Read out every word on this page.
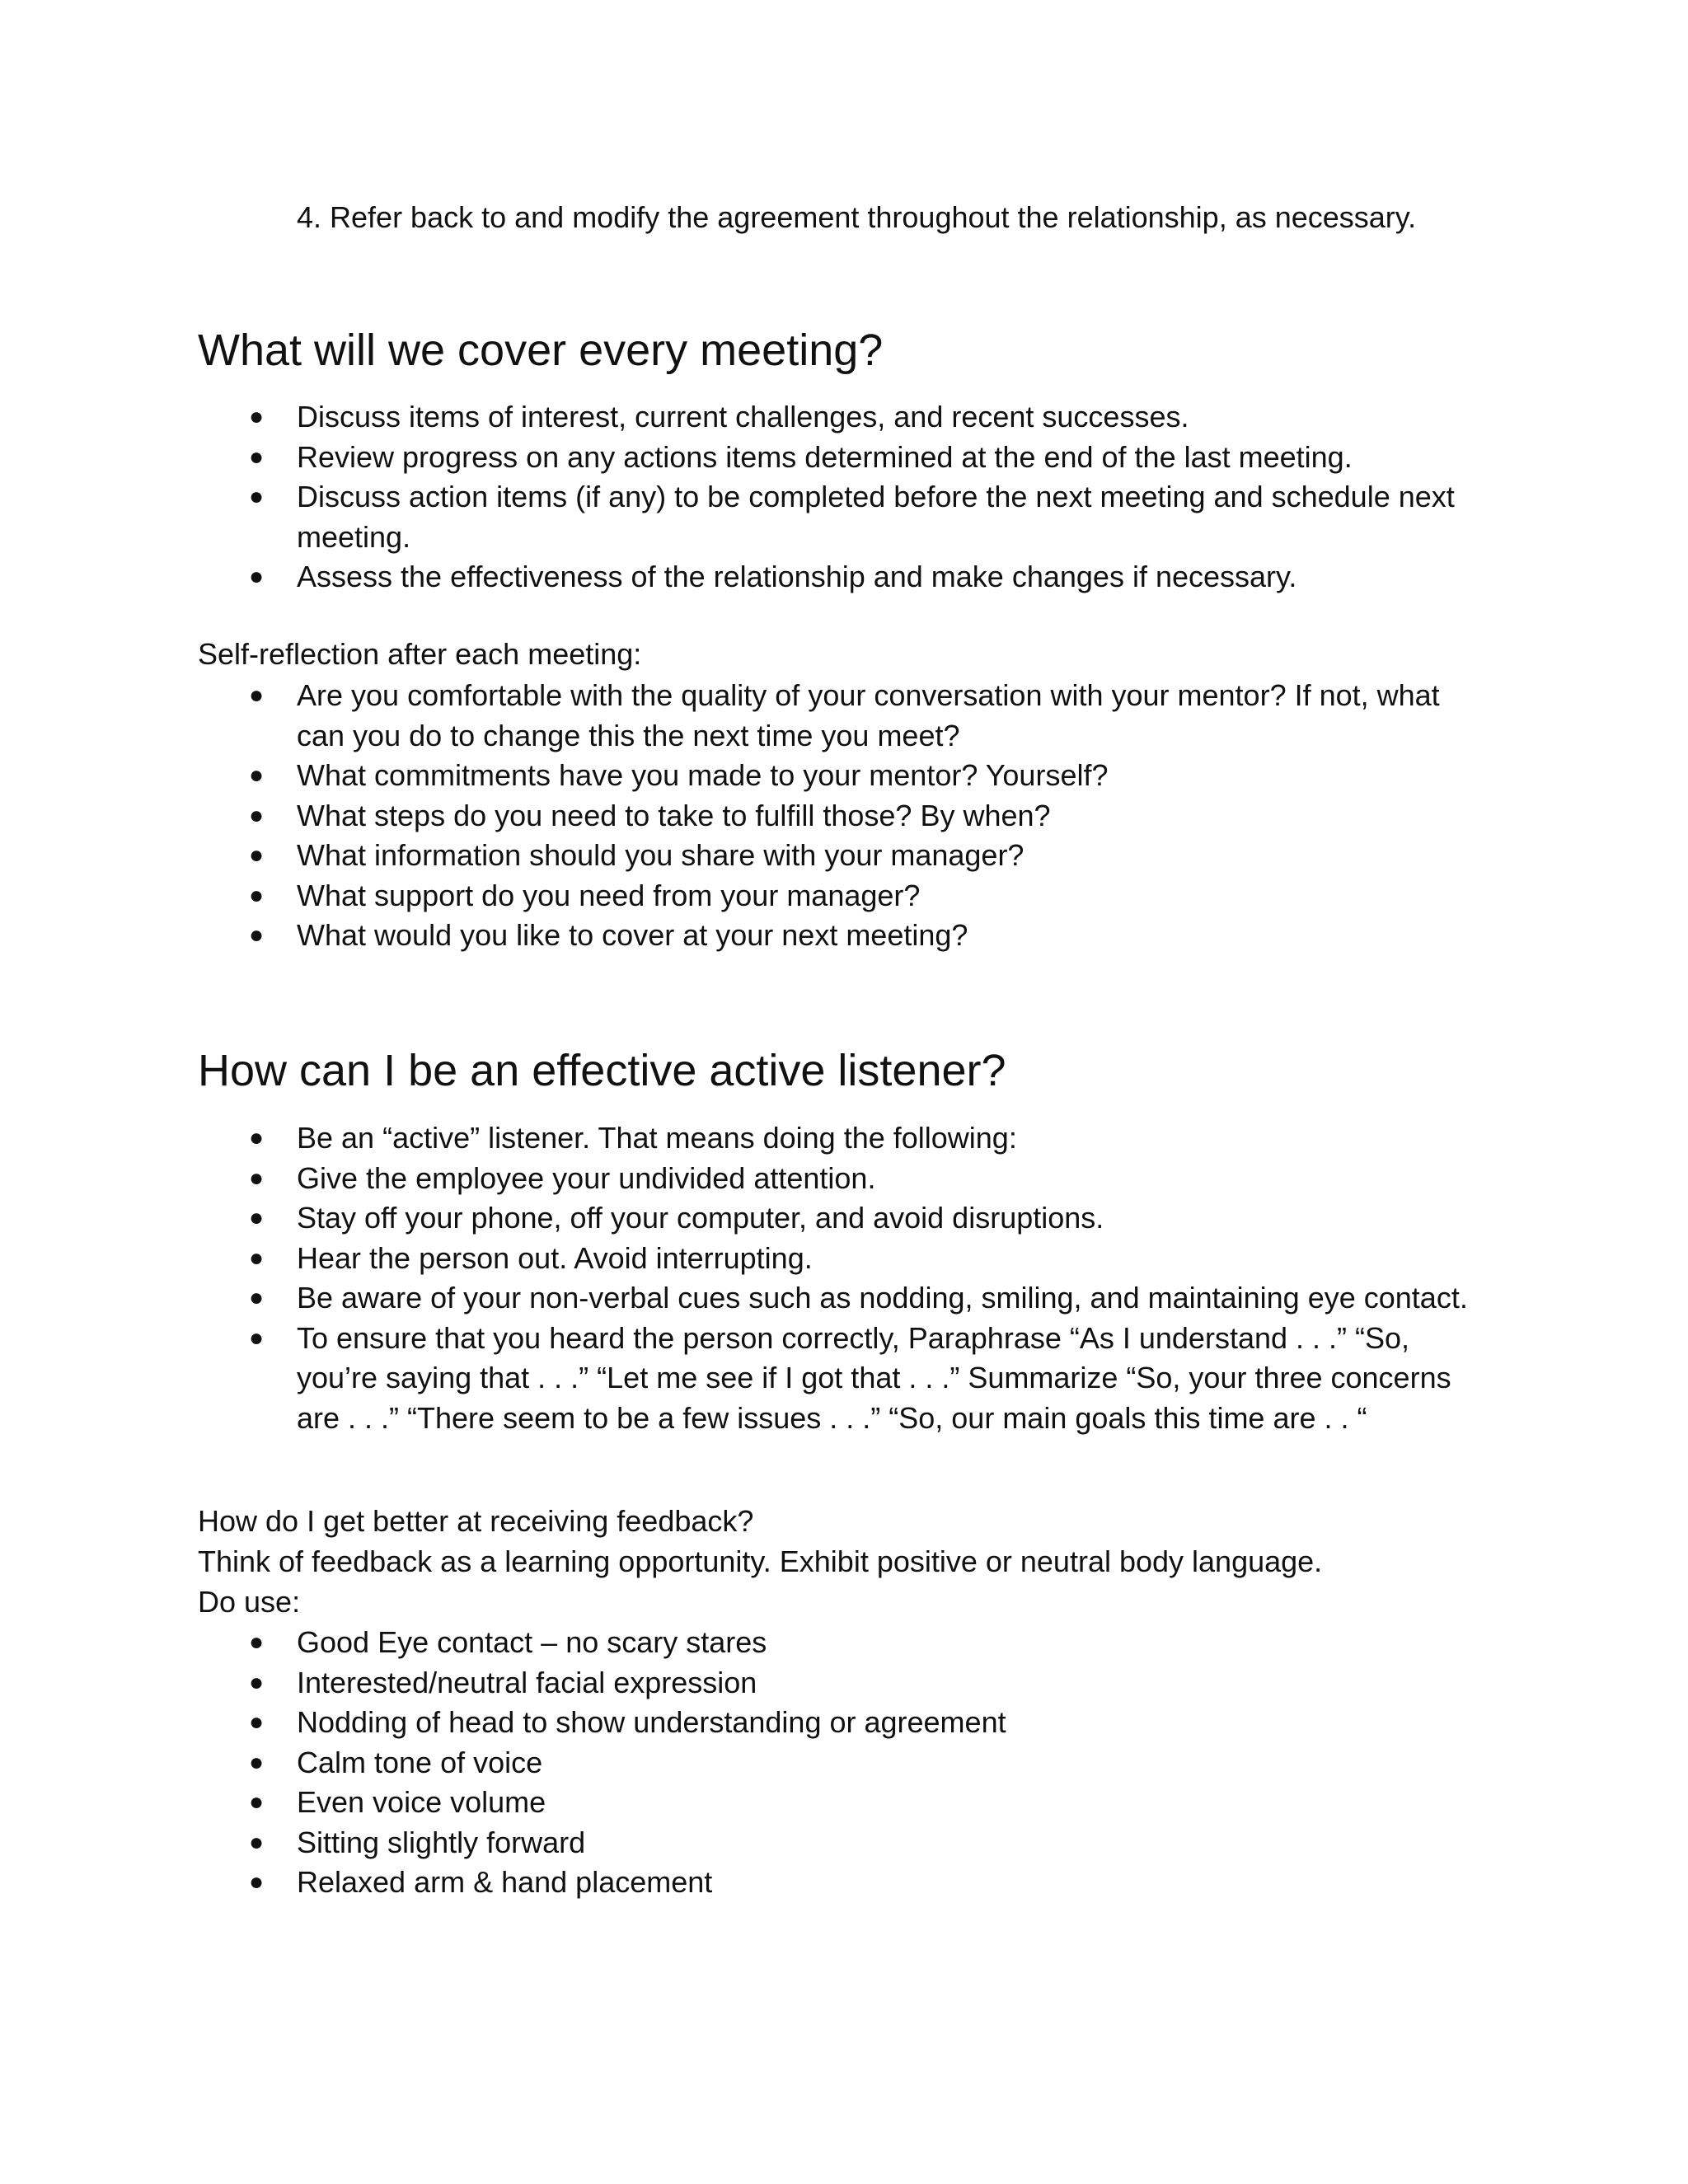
4. Refer back to and modify the agreement throughout the relationship, as necessary.
What will we cover every meeting?
● Discuss items of interest, current challenges, and recent successes.
● Review progress on any actions items determined at the end of the last meeting.
● Discuss action items (if any) to be completed before the next meeting and schedule next meeting.
● Assess the effectiveness of the relationship and make changes if necessary.

Self-reflection after each meeting:

● Are you comfortable with the quality of your conversation with your mentor? If not, what can you do to change this the next time you meet?
● What commitments have you made to your mentor? Yourself?
● What steps do you need to take to fulfill those? By when?
● What information should you share with your manager?
● What support do you need from your manager?
● What would you like to cover at your next meeting?
How can I be an effective active listener?
● Be an “active” listener. That means doing the following:
● Give the employee your undivided attention.
● Stay off your phone, off your computer, and avoid disruptions.
● Hear the person out. Avoid interrupting.
● Be aware of your non-verbal cues such as nodding, smiling, and maintaining eye contact.
● To ensure that you heard the person correctly, Paraphrase “As I understand . . .” “So, you’re saying that . . .” “Let me see if I got that . . .” Summarize “So, your three concerns are . . .” “There seem to be a few issues . . .” “So, our main goals this time are . . “

How do I get better at receiving feedback?

Think of feedback as a learning opportunity. Exhibit positive or neutral body language.

Do use:

● Good Eye contact – no scary stares
● Interested/neutral facial expression
● Nodding of head to show understanding or agreement
● Calm tone of voice
● Even voice volume
● Sitting slightly forward
● Relaxed arm & hand placement
